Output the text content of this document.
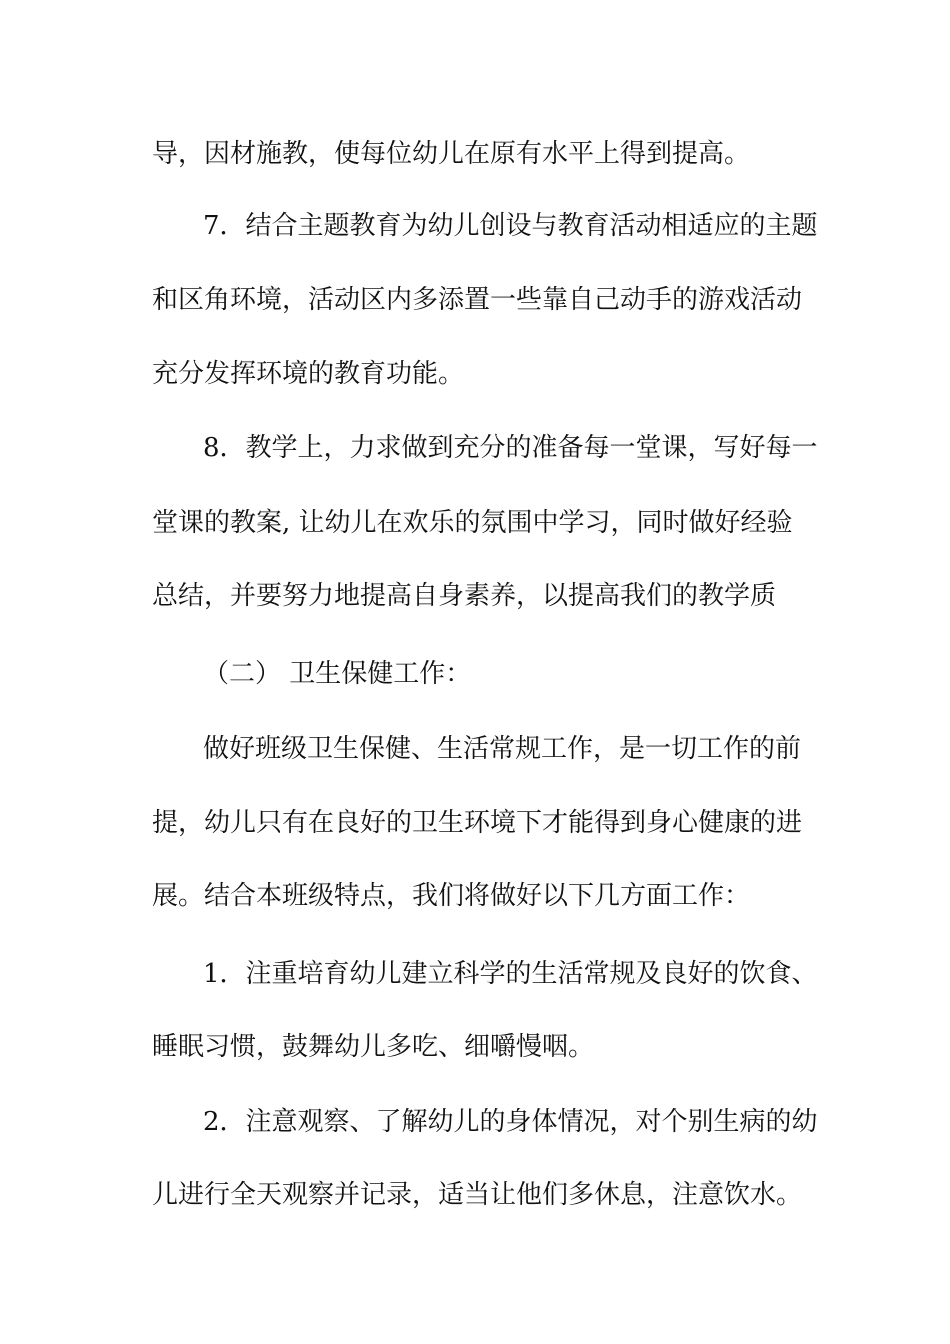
导，因材施教，使每位幼儿在原有水平上得到提高。
7．结合主题教育为幼儿创设与教育活动相适应的主题
和区角环境，活动区内多添置一些靠自己动手的游戏活动
充分发挥环境的教育功能。
8．教学上，力求做到充分的准备每一堂课，写好每一
堂课的教案, 让幼儿在欢乐的氛围中学习，同时做好经验
总结，并要努力地提高自身素养，以提高我们的教学质
（二） 卫生保健工作：
做好班级卫生保健、生活常规工作，是一切工作的前
提，幼儿只有在良好的卫生环境下才能得到身心健康的进
展。结合本班级特点，我们将做好以下几方面工作：
1．注重培育幼儿建立科学的生活常规及良好的饮食、
睡眠习惯，鼓舞幼儿多吃、细嚼慢咽。
2．注意观察、了解幼儿的身体情况，对个别生病的幼
儿进行全天观察并记录，适当让他们多休息，注意饮水。
